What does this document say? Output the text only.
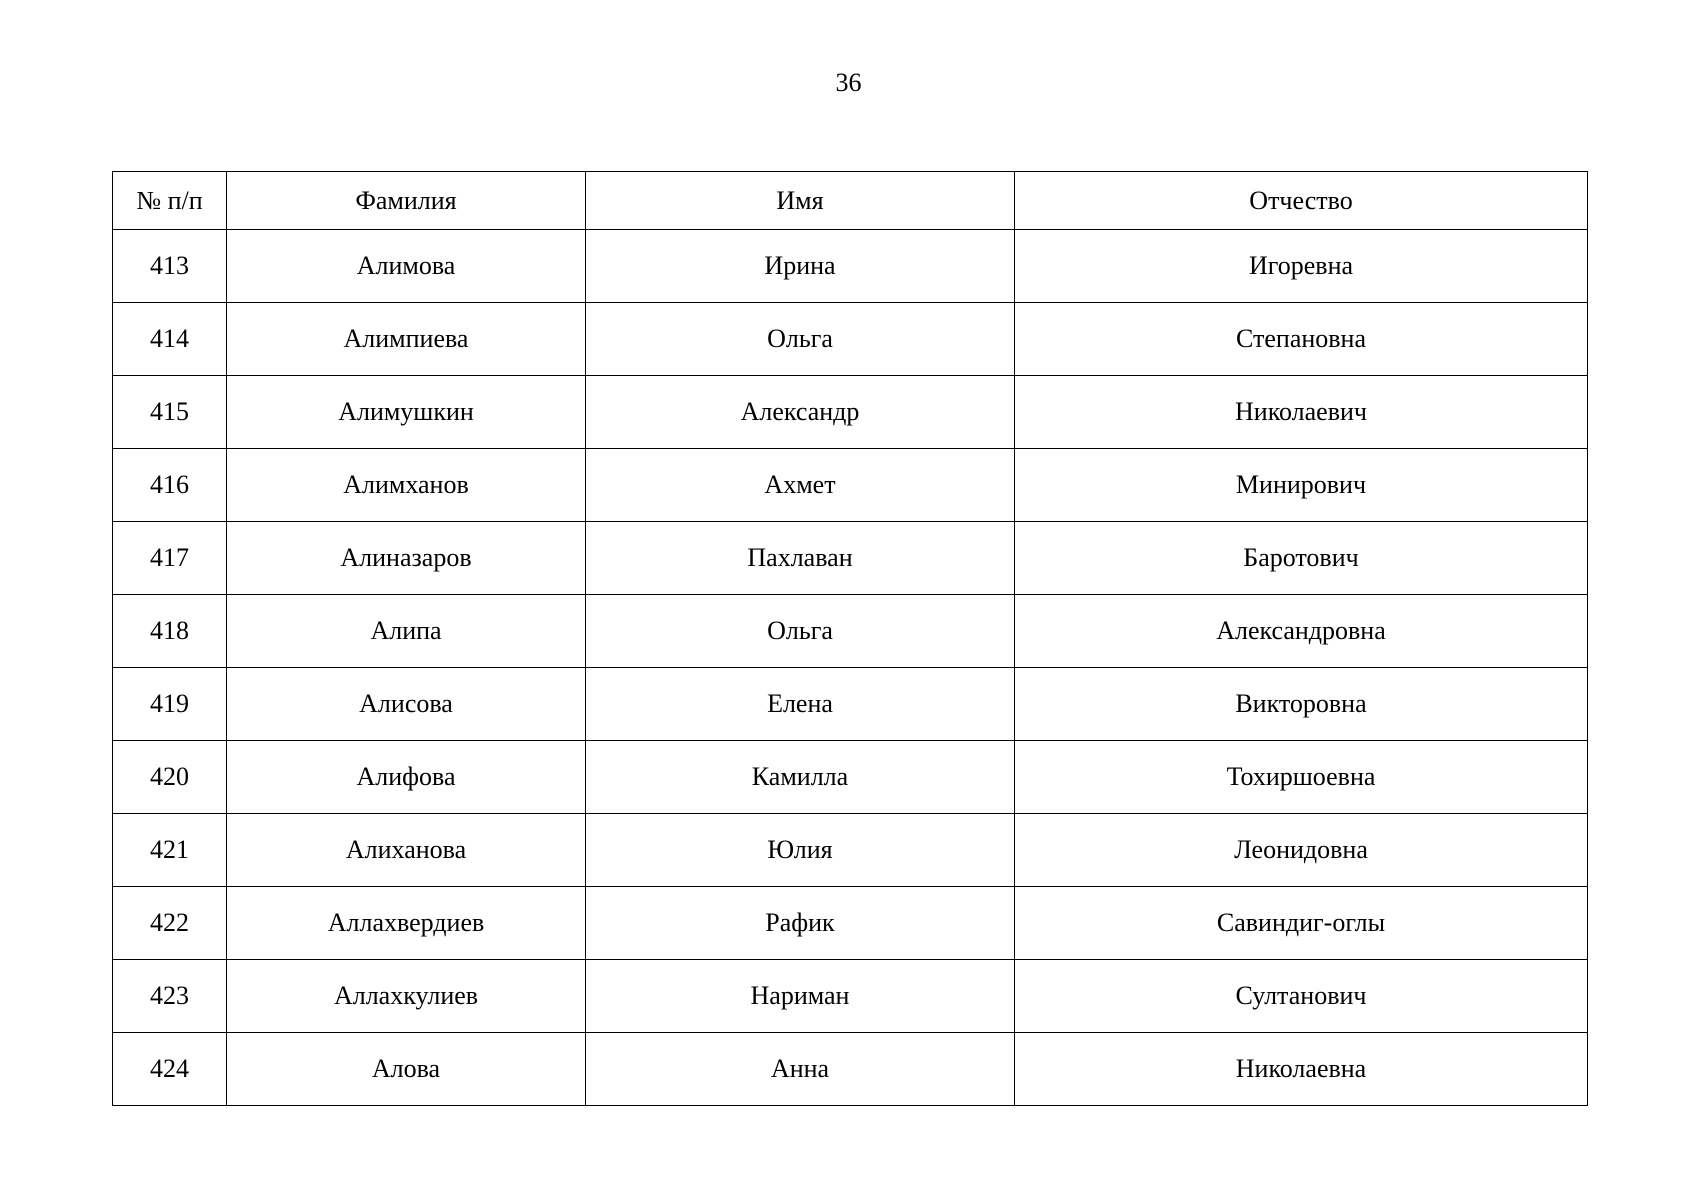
36
№ п/п	Фамилия	Имя	Отчество
413	Алимова	Ирина	Игоревна
414	Алимпиева	Ольга	Степановна
415	Алимушкин	Александр	Николаевич
416	Алимханов	Ахмет	Минирович
417	Алиназаров	Пахлаван	Баротович
418	Алипа	Ольга	Александровна
419	Алисова	Елена	Викторовна
420	Алифова	Камилла	Тохиршоевна
421	Алиханова	Юлия	Леонидовна
422	Аллахвердиев	Рафик	Савиндиг-оглы
423	Аллахкулиев	Нариман	Султанович
424	Алова	Анна	Николаевна
